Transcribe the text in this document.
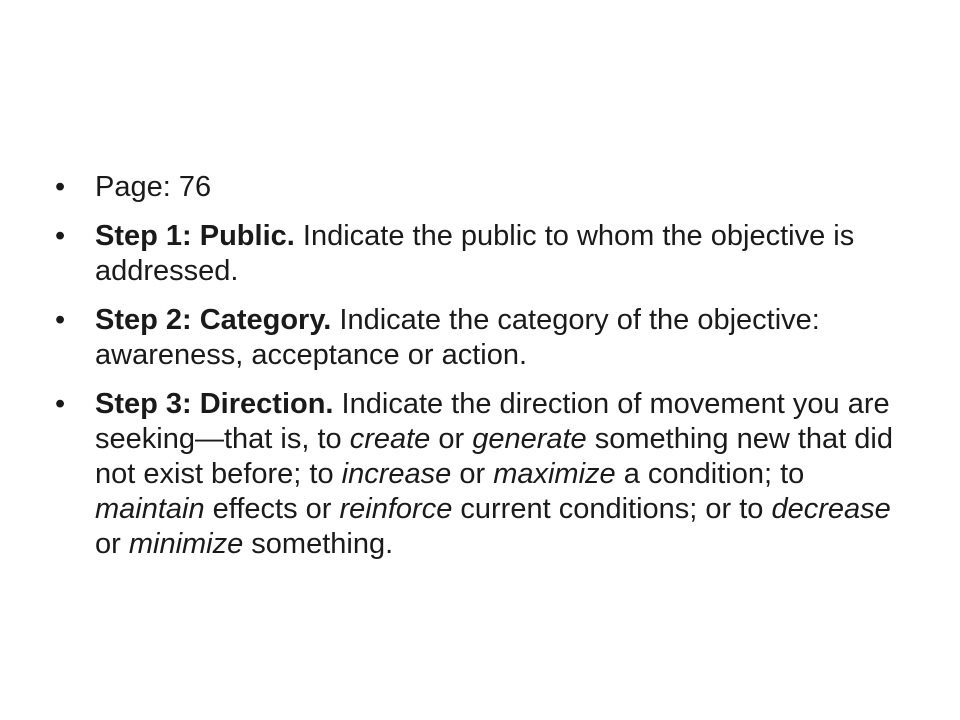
• Page: 76
• Step 1: Public. Indicate the public to whom the objective is addressed.
• Step 2: Category. Indicate the category of the objective: awareness, acceptance or action.
• Step 3: Direction. Indicate the direction of movement you are seeking—that is, to create or generate something new that did not exist before; to increase or maximize a condition; to maintain effects or reinforce current conditions; or to decrease or minimize something.
